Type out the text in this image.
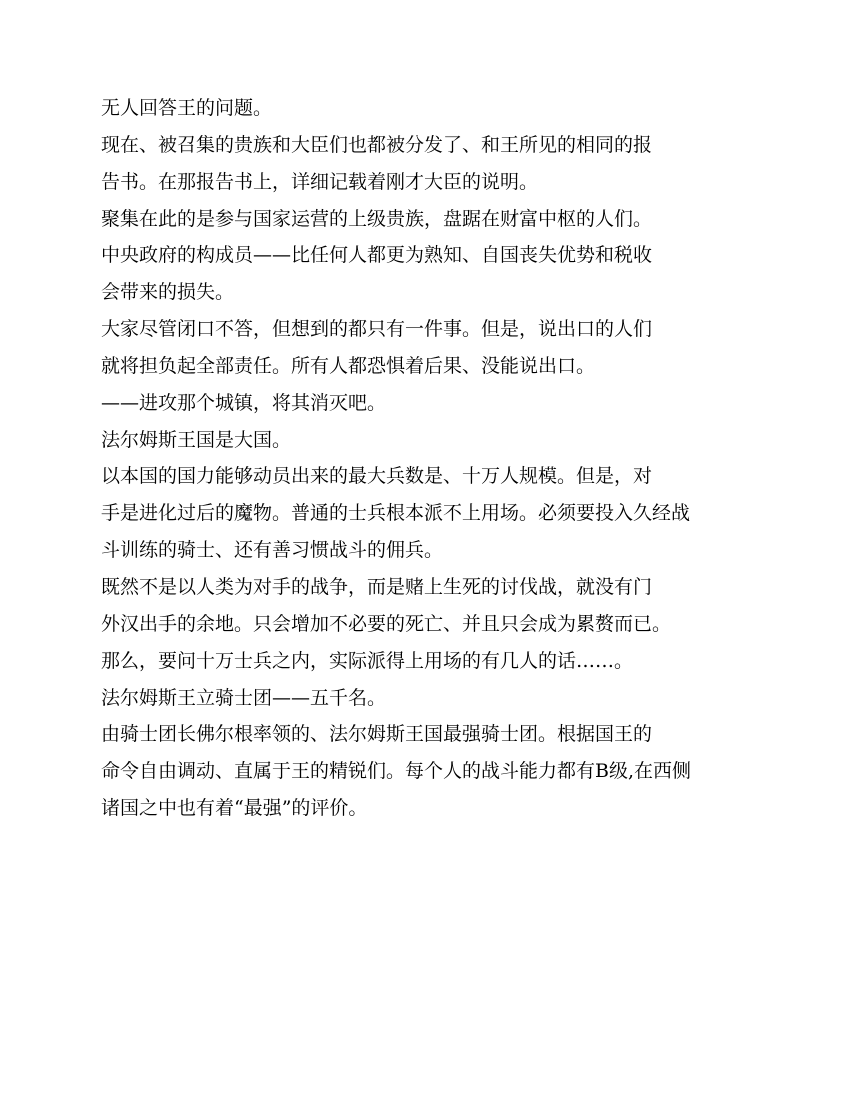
无人回答王的问题。
现在、被召集的贵族和大臣们也都被分发了、和王所见的相同的报
告书。在那报告书上，详细记载着刚才大臣的说明。
聚集在此的是参与国家运营的上级贵族，盘踞在财富中枢的人们。
中央政府的构成员——比任何人都更为熟知、自国丧失优势和税收
会带来的损失。
大家尽管闭口不答，但想到的都只有一件事。但是，说出口的人们
就将担负起全部责任。所有人都恐惧着后果、没能说出口。
——进攻那个城镇，将其消灭吧。
法尔姆斯王国是大国。
以本国的国力能够动员出来的最大兵数是、十万人规模。但是，对
手是进化过后的魔物。普通的士兵根本派不上用场。必须要投入久经战
斗训练的骑士、还有善习惯战斗的佣兵。
既然不是以人类为对手的战争，而是赌上生死的讨伐战，就没有门
外汉出手的余地。只会增加不必要的死亡、并且只会成为累赘而已。
那么，要问十万士兵之内，实际派得上用场的有几人的话……。
法尔姆斯王立骑士团——五千名。
由骑士团长佛尔根率领的、法尔姆斯王国最强骑士团。根据国王的
命令自由调动、直属于王的精锐们。每个人的战斗能力都有B级,在西侧
诸国之中也有着“最强”的评价。
